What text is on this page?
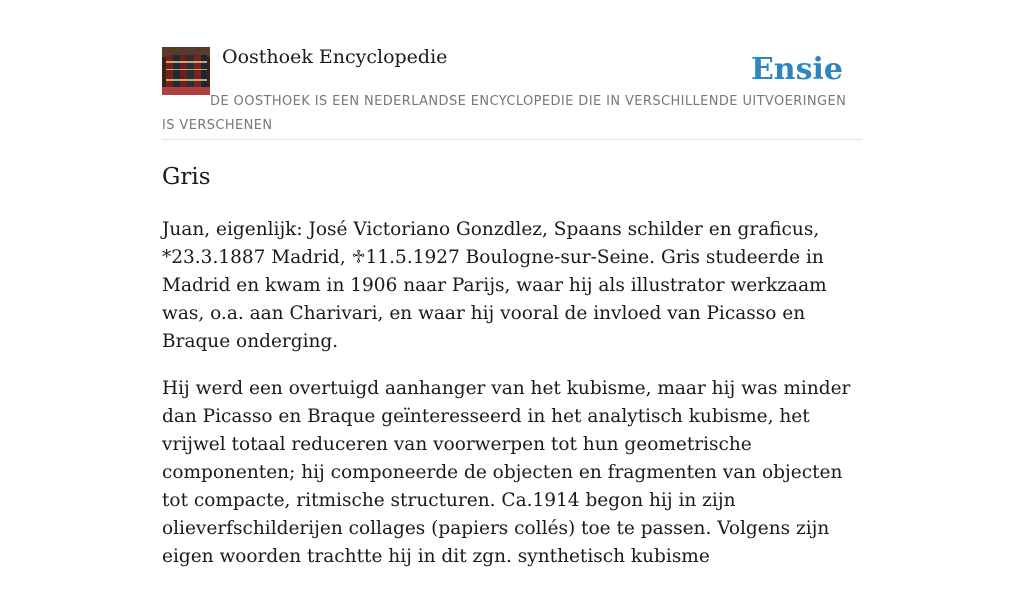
Oosthoek Encyclopedie	Ensie
DE OOSTHOEK IS EEN NEDERLANDSE ENCYCLOPEDIE DIE IN VERSCHILLENDE UITVOERINGEN IS VERSCHENEN
Gris

Juan, eigenlijk: José Victoriano Gonzdlez, Spaans schilder en graficus, *23.3.1887 Madrid, ♱11.5.1927 Boulogne-sur-Seine. Gris studeerde in Madrid en kwam in 1906 naar Parijs, waar hij als illustrator werkzaam was, o.a. aan Charivari, en waar hij vooral de invloed van Picasso en Braque onderging.

Hij werd een overtuigd aanhanger van het kubisme, maar hij was minder dan Picasso en Braque geïnteresseerd in het analytisch kubisme, het vrijwel totaal reduceren van voorwerpen tot hun geometrische componenten; hij componeerde de objecten en fragmenten van objecten tot compacte, ritmische structuren. Ca.1914 begon hij in zijn olieverfschilderijen collages (papiers collés) toe te passen. Volgens zijn eigen woorden trachtte hij in dit zgn. synthetisch kubisme
